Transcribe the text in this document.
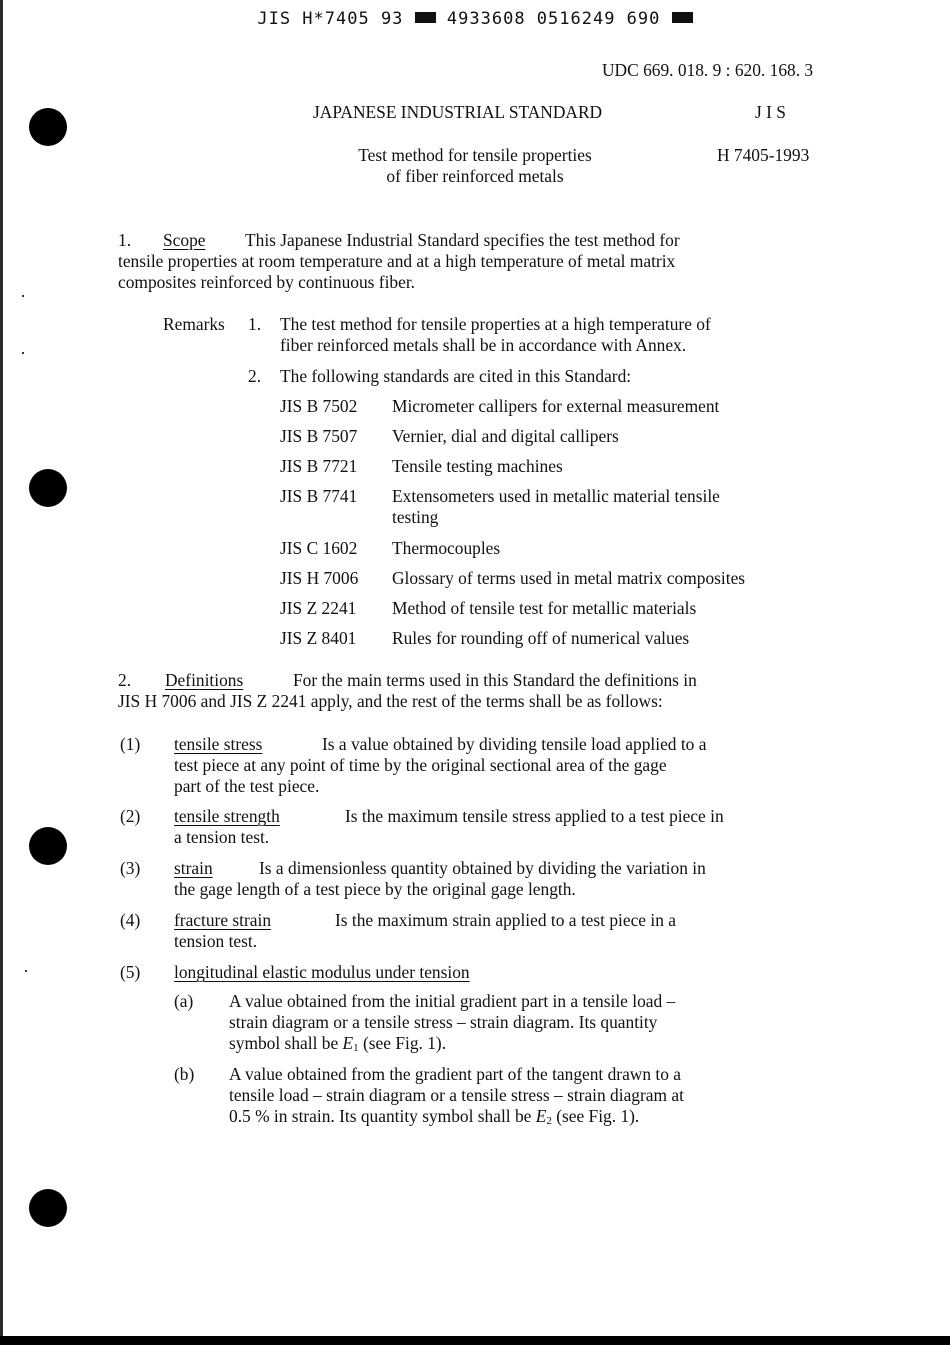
JIS H*7405 93	4933608 0516249 690
UDC 669. 018. 9 : 620. 168. 3
JAPANESE INDUSTRIAL STANDARD	J I S
Test method for tensile properties
of fiber reinforced metals
H 7405-1993
1. Scope This Japanese Industrial Standard specifies the test method for
tensile properties at room temperature and at a high temperature of metal matrix
composites reinforced by continuous fiber.
Remarks 1. The test method for tensile properties at a high temperature of
fiber reinforced metals shall be in accordance with Annex.
2. The following standards are cited in this Standard:
JIS B 7502 Micrometer callipers for external measurement
JIS B 7507 Vernier, dial and digital callipers
JIS B 7721 Tensile testing machines
JIS B 7741 Extensometers used in metallic material tensile
testing
JIS C 1602 Thermocouples
JIS H 7006 Glossary of terms used in metal matrix composites
JIS Z 2241 Method of tensile test for metallic materials
JIS Z 8401 Rules for rounding off of numerical values
2. Definitions	For the main terms used in this Standard the definitions in
JIS H 7006 and JIS Z 2241 apply, and the rest of the terms shall be as follows:
(1) tensile stress	Is a value obtained by dividing tensile load applied to a
test piece at any point of time by the original sectional area of the gage
part of the test piece.
(2) tensile strength	Is the maximum tensile stress applied to a test piece in
a tension test.
(3) strain	Is a dimensionless quantity obtained by dividing the variation in
the gage length of a test piece by the original gage length.
(4) fracture strain	Is the maximum strain applied to a test piece in a
tension test.
(5) longitudinal elastic modulus under tension
(a) A value obtained from the initial gradient part in a tensile load –
strain diagram or a tensile stress – strain diagram. Its quantity
symbol shall be $E_1$ (see Fig. 1).
(b) A value obtained from the gradient part of the tangent drawn to a
tensile load – strain diagram or a tensile stress – strain diagram at
0.5 % in strain. Its quantity symbol shall be $E_2$ (see Fig. 1).
